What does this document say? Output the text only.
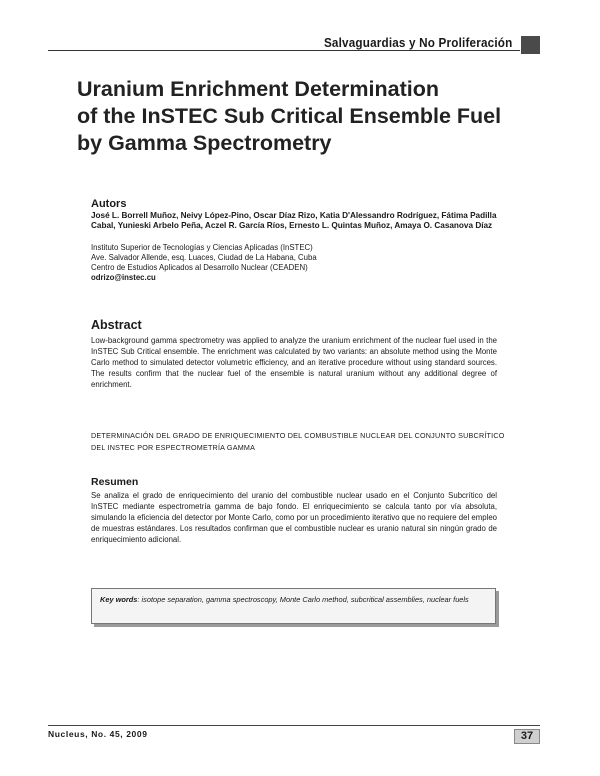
Salvaguardias y No Proliferación
Uranium Enrichment Determination
of the InSTEC Sub Critical Ensemble Fuel
by Gamma Spectrometry
Autors
José L. Borrell Muñoz, Neivy López-Pino, Oscar Díaz Rizo, Katia D'Alessandro Rodríguez, Fátima Padilla Cabal, Yunieski Arbelo Peña, Aczel R. García Ríos, Ernesto L. Quintas Muñoz, Amaya O. Casanova Díaz
Instituto Superior de Tecnologías y Ciencias Aplicadas (InSTEC)
Ave. Salvador Allende, esq. Luaces, Ciudad de La Habana, Cuba
Centro de Estudios Aplicados al Desarrollo Nuclear (CEADEN)
odrizo@instec.cu
Abstract
Low-background gamma spectrometry was applied to analyze the uranium enrichment of the nuclear fuel used in the InSTEC Sub Critical ensemble. The enrichment was calculated by two variants: an absolute method using the Monte Carlo method to simulated detector volumetric efficiency, and an iterative procedure without using standard sources. The results confirm that the nuclear fuel of the ensemble is natural uranium without any additional degree of enrichment.
DETERMINACIÓN DEL GRADO DE ENRIQUECIMIENTO DEL COMBUSTIBLE NUCLEAR DEL CONJUNTO SUBCRÍTICO DEL INSTEC POR ESPECTROMETRÍA GAMMA
Resumen
Se analiza el grado de enriquecimiento del uranio del combustible nuclear usado en el Conjunto Subcrítico del InSTEC mediante espectrometría gamma de bajo fondo. El enriquecimiento se calcula tanto por vía absoluta, simulando la eficiencia del detector por Monte Carlo, como por un procedimiento iterativo que no requiere del empleo de muestras estándares. Los resultados confirman que el combustible nuclear es uranio natural sin ningún grado de enriquecimiento adicional.
Key words: isotope separation, gamma spectroscopy, Monte Carlo method, subcritical assemblies, nuclear fuels
Nucleus, No. 45, 2009	37
